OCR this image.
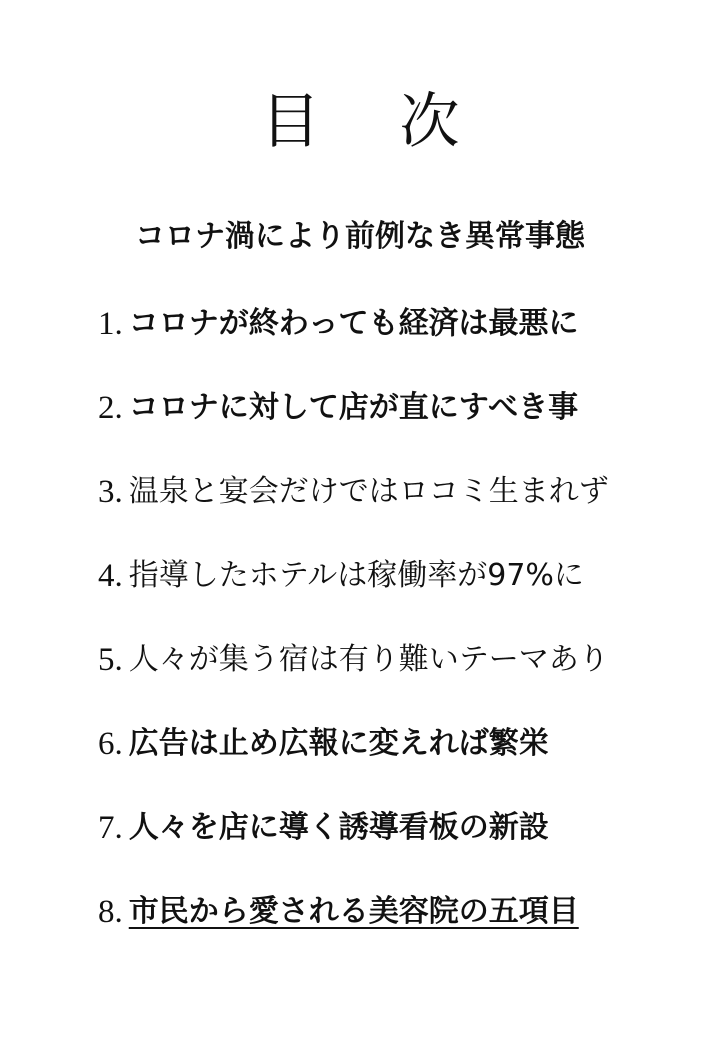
目 次
コロナ渦により前例なき異常事態
1. コロナが終わっても経済は最悪に
2. コロナに対して店が直にすべき事
3. 温泉と宴会だけではロコミ生まれず
4. 指導したホテルは稼働率が97%に
5. 人々が集う宿は有り難いテーマあり
6. 広告は止め広報に変えれば繁栄
7. 人々を店に導く誘導看板の新設
8. 市民から愛される美容院の五項目
